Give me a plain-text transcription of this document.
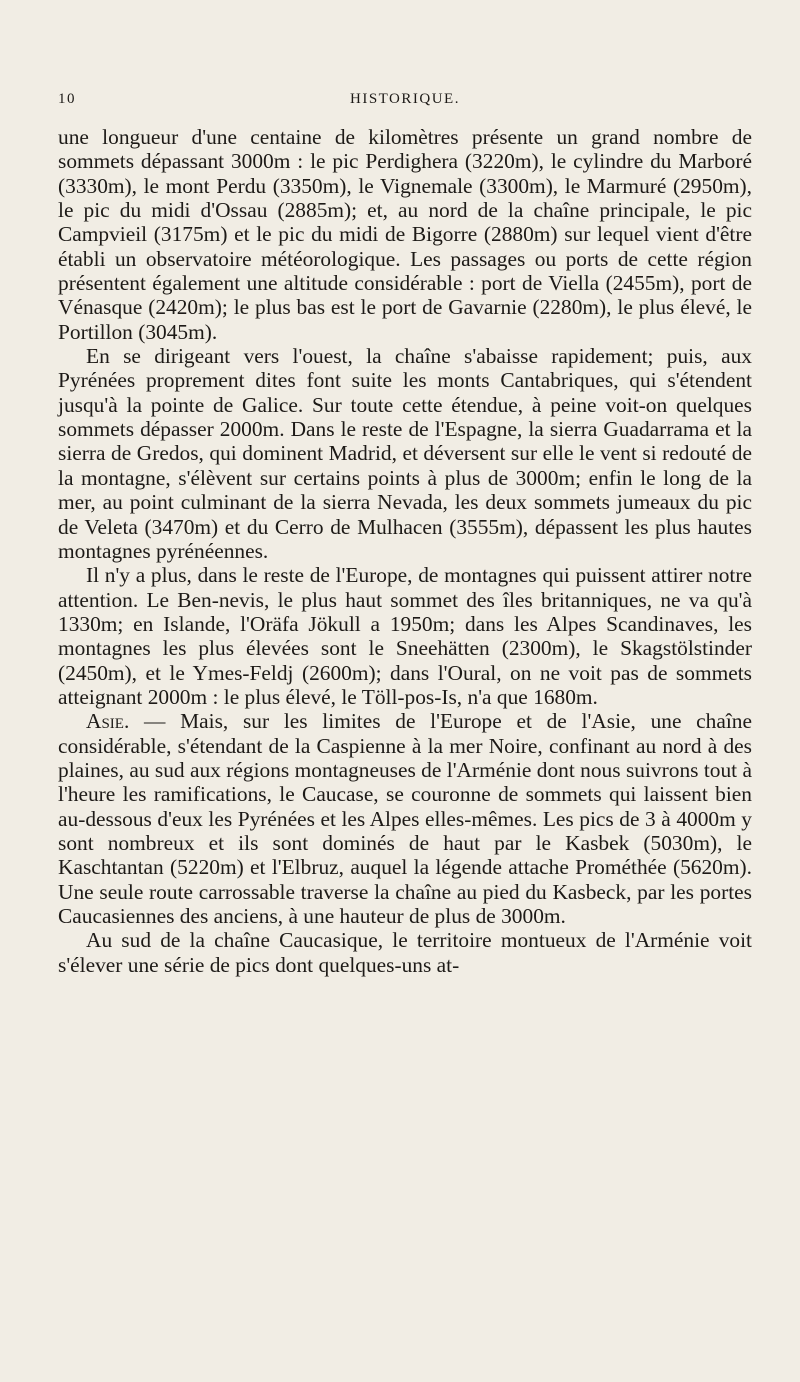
10	HISTORIQUE.

une longueur d'une centaine de kilomètres présente un grand nombre de sommets dépassant 3000m : le pic Perdighera (3220m), le cylindre du Marboré (3330m), le mont Perdu (3350m), le Vignemale (3300m), le Marmuré (2950m), le pic du midi d'Ossau (2885m); et, au nord de la chaîne principale, le pic Campvieil (3175m) et le pic du midi de Bigorre (2880m) sur lequel vient d'être établi un observatoire météorologique. Les passages ou ports de cette région présentent également une altitude considérable : port de Viella (2455m), port de Vénasque (2420m); le plus bas est le port de Gavarnie (2280m), le plus élevé, le Portillon (3045m).

En se dirigeant vers l'ouest, la chaîne s'abaisse rapidement; puis, aux Pyrénées proprement dites font suite les monts Cantabriques, qui s'étendent jusqu'à la pointe de Galice. Sur toute cette étendue, à peine voit-on quelques sommets dépasser 2000m. Dans le reste de l'Espagne, la sierra Guadarrama et la sierra de Gredos, qui dominent Madrid, et déversent sur elle le vent si redouté de la montagne, s'élèvent sur certains points à plus de 3000m; enfin le long de la mer, au point culminant de la sierra Nevada, les deux sommets jumeaux du pic de Veleta (3470m) et du Cerro de Mulhacen (3555m), dépassent les plus hautes montagnes pyrénéennes.

Il n'y a plus, dans le reste de l'Europe, de montagnes qui puissent attirer notre attention. Le Ben-nevis, le plus haut sommet des îles britanniques, ne va qu'à 1330m; en Islande, l'Oräfa Jökull a 1950m; dans les Alpes Scandinaves, les montagnes les plus élevées sont le Sneehätten (2300m), le Skagstölstinder (2450m), et le Ymes-Feldj (2600m); dans l'Oural, on ne voit pas de sommets atteignant 2000m : le plus élevé, le Töll-pos-Is, n'a que 1680m.

Asie. — Mais, sur les limites de l'Europe et de l'Asie, une chaîne considérable, s'étendant de la Caspienne à la mer Noire, confinant au nord à des plaines, au sud aux régions montagneuses de l'Arménie dont nous suivrons tout à l'heure les ramifications, le Caucase, se couronne de sommets qui laissent bien au-dessous d'eux les Pyrénées et les Alpes elles-mêmes. Les pics de 3 à 4000m y sont nombreux et ils sont dominés de haut par le Kasbek (5030m), le Kaschtantan (5220m) et l'Elbruz, auquel la légende attache Prométhée (5620m). Une seule route carrossable traverse la chaîne au pied du Kasbeck, par les portes Caucasiennes des anciens, à une hauteur de plus de 3000m.

Au sud de la chaîne Caucasique, le territoire montueux de l'Arménie voit s'élever une série de pics dont quelques-uns at-
